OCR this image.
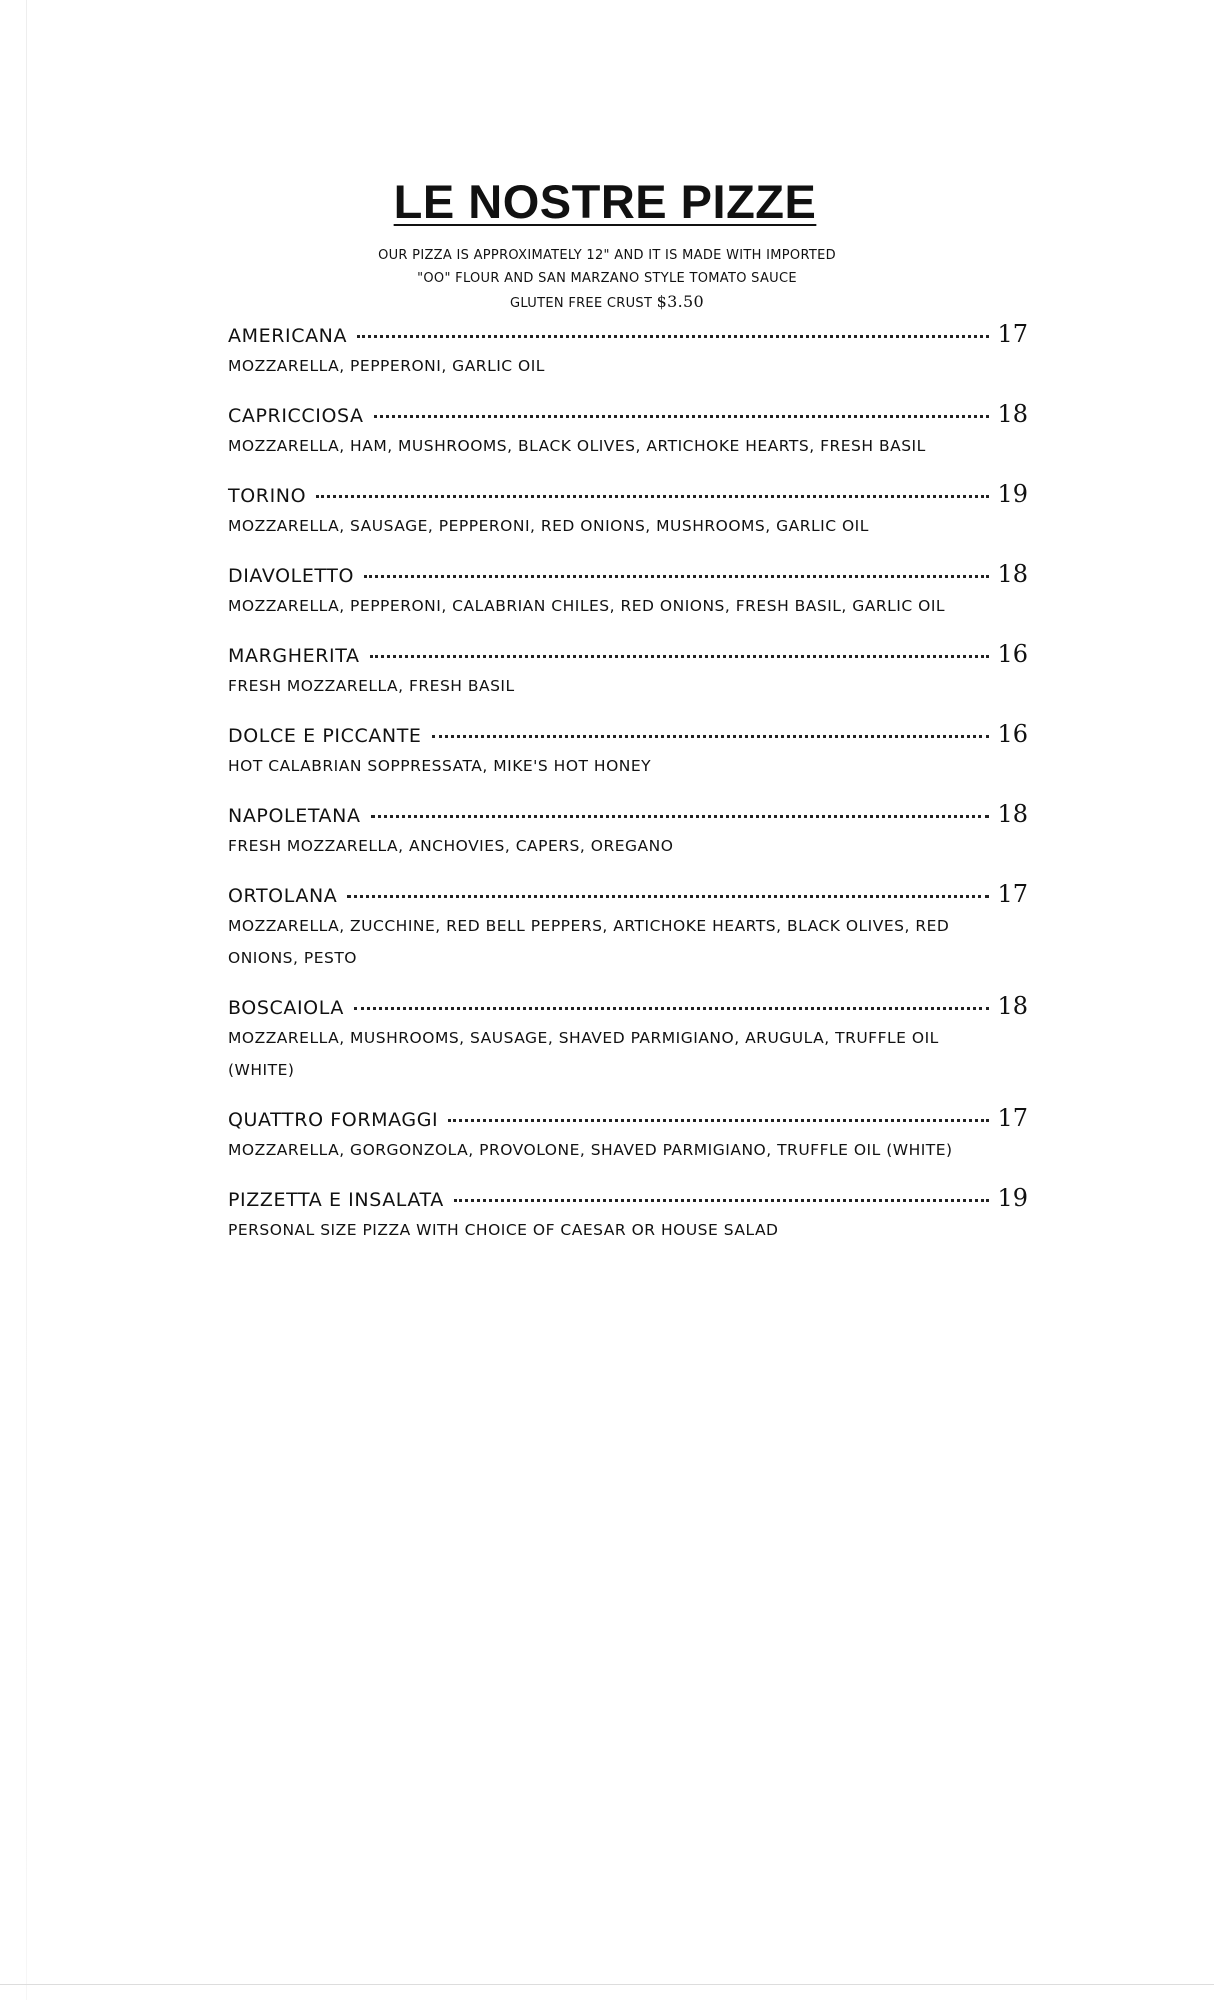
LE NOSTRE PIZZE
OUR PIZZA IS APPROXIMATELY 12" AND IT IS MADE WITH IMPORTED
"OO" FLOUR AND SAN MARZANO STYLE TOMATO SAUCE
GLUTEN FREE CRUST $3.50
AMERICANA	17
MOZZARELLA, PEPPERONI, GARLIC OIL
CAPRICCIOSA	18
MOZZARELLA, HAM, MUSHROOMS, BLACK OLIVES, ARTICHOKE HEARTS, FRESH BASIL
TORINO	19
MOZZARELLA, SAUSAGE, PEPPERONI, RED ONIONS, MUSHROOMS, GARLIC OIL
DIAVOLETTO	18
MOZZARELLA, PEPPERONI, CALABRIAN CHILES, RED ONIONS, FRESH BASIL, GARLIC OIL
MARGHERITA	16
FRESH MOZZARELLA, FRESH BASIL
DOLCE E PICCANTE	16
HOT CALABRIAN SOPPRESSATA, MIKE'S HOT HONEY
NAPOLETANA	18
FRESH MOZZARELLA, ANCHOVIES, CAPERS, OREGANO
ORTOLANA	17
MOZZARELLA, ZUCCHINE, RED BELL PEPPERS, ARTICHOKE HEARTS, BLACK OLIVES, RED ONIONS, PESTO
BOSCAIOLA	18
MOZZARELLA, MUSHROOMS, SAUSAGE, SHAVED PARMIGIANO, ARUGULA, TRUFFLE OIL (WHITE)
QUATTRO FORMAGGI	17
MOZZARELLA, GORGONZOLA, PROVOLONE, SHAVED PARMIGIANO, TRUFFLE OIL (WHITE)
PIZZETTA E INSALATA	19
PERSONAL SIZE PIZZA WITH CHOICE OF CAESAR OR HOUSE SALAD
